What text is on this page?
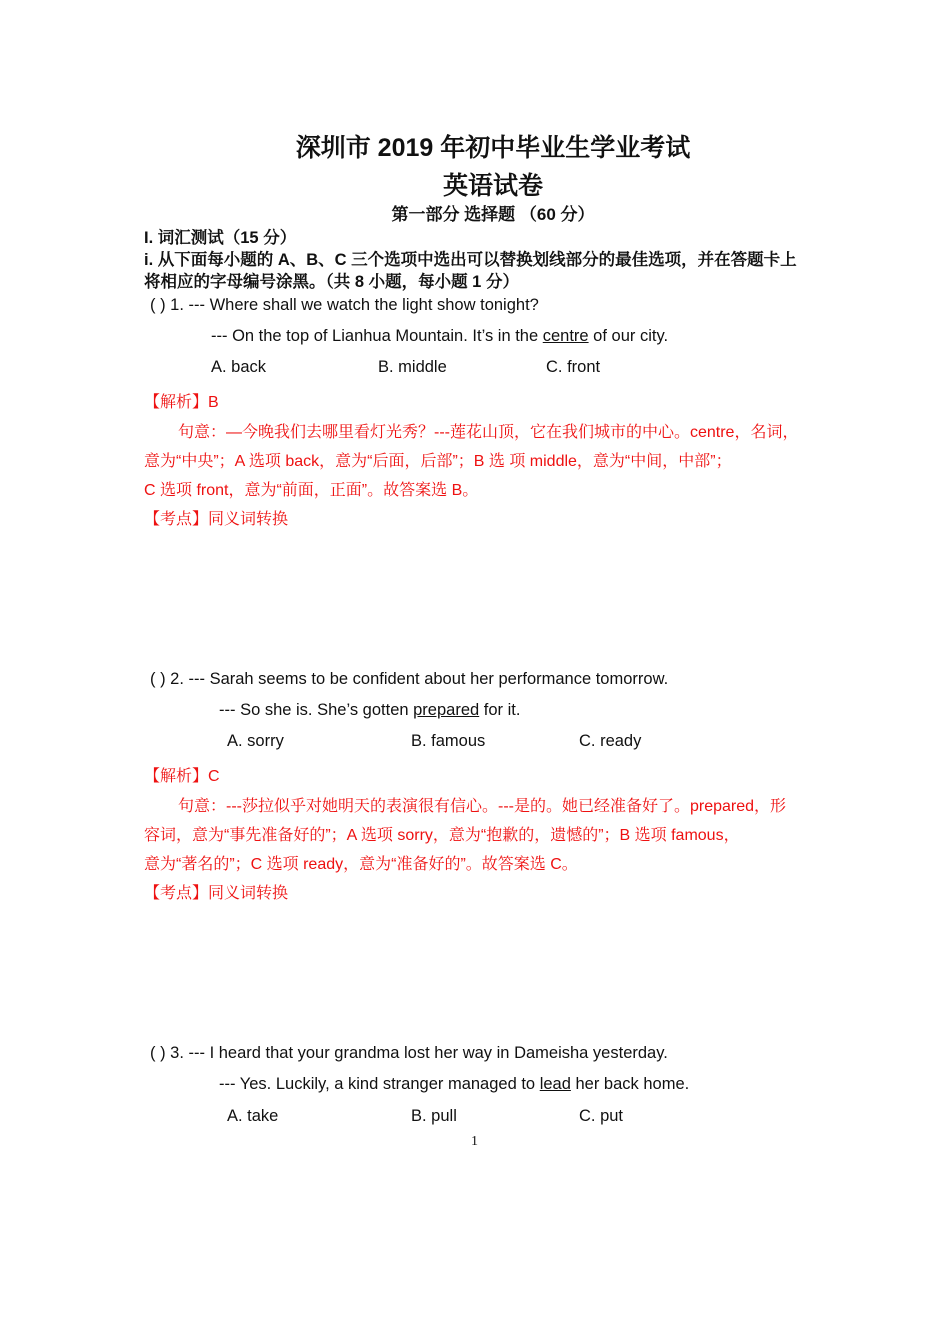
深圳市 2019 年初中毕业生学业考试
英语试卷
第一部分 选择题 （60 分）
I. 词汇测试（15 分）
i. 从下面每小题的 A、B、C 三个选项中选出可以替换划线部分的最佳选项，并在答题卡上
将相应的字母编号涂黑。（共 8 小题，每小题 1 分）
( ) 1. --- Where shall we watch the light show tonight?
--- On the top of Lianhua Mountain. It’s in the centre of our city.
A. back	B. middle	C. front
【解析】B
句意：—今晚我们去哪里看灯光秀？---莲花山顶，它在我们城市的中心。centre，名词，
意为“中央”；A 选项 back，意为“后面，后部”；B 选 项 middle，意为“中间，中部”；
C 选项 front，意为“前面，正面”。故答案选 B。
【考点】同义词转换
( ) 2. --- Sarah seems to be confident about her performance tomorrow.
--- So she is. She’s gotten prepared for it.
A. sorry	B. famous	C. ready
【解析】C
句意：---莎拉似乎对她明天的表演很有信心。---是的。她已经准备好了。prepared，形
容词，意为“事先准备好的”；A 选项 sorry，意为“抱歉的，遗憾的”；B 选项 famous，
意为“著名的”；C 选项 ready，意为“准备好的”。故答案选 C。
【考点】同义词转换
( ) 3. --- I heard that your grandma lost her way in Dameisha yesterday.
--- Yes. Luckily, a kind stranger managed to lead her back home.
A. take	B. pull	C. put
1
